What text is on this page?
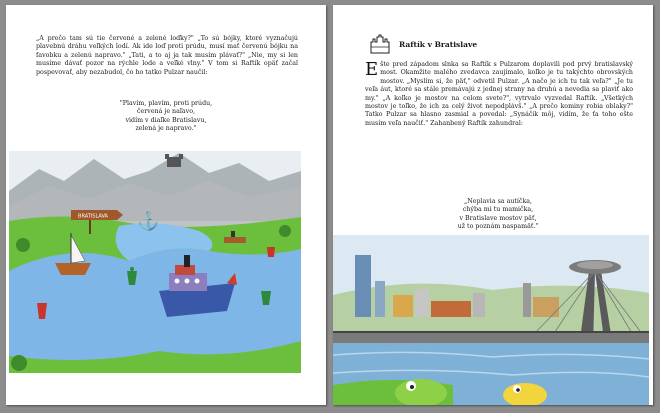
„A prečo tam sú tie červené a zelené loďky?" „To sú bójky, ktoré vyznačujú plavebnú dráhu veľkých lodí. Ak ide loď proti prúdu, musí mať červenú bójku na favobku a zelenú napravo." „Tati, a to aj ja tak musím plávať?" „Nie, my si len musíme dávať pozor na rýchle lode a veľké vlny." V tom si Raftík opäť začal pospevovať, aby nezabudol, čo ho tatko Pulzar naučil:

"Plavím, plavím, proti prúdu,
červená je naľavo,
vidím v diaľke Bratislavu,
zelená je napravo."
BRATISLAVA ⚓
Raftík v Bratislave

Ešte pred západom slnka sa Raftík s Pulzarom doplavili pod prvý bratislavský most. Okamžite malého zvedavca zaujímalo, koľko je tu takýchto obrovských mostov. „Myslím si, že päť," odvetil Pulzar. „A načo je ich tu tak veľa?" „Je tu veľa áut, ktoré sa stále premávajú z jednej strany na druhú a nevedia sa plaviť ako my." „A koľko je mostov na celom svete?", vytrvalo vyzvedal Raftík. „Všetkých mostov je toľko, že ich za celý život nepodplávš." „A prečo kominy robia oblaky?" Tatko Pulzar sa hlasno zasmial a povedal: „Synáčik môj, vidím, že ťa toho ešte musím veľa naučiť." Zahanbený Raftík zahundral:

„Neplavia sa autíčka,
chýba mi tu mamička,
v Bratislave mostov päť,
už to poznám naspamäť."
